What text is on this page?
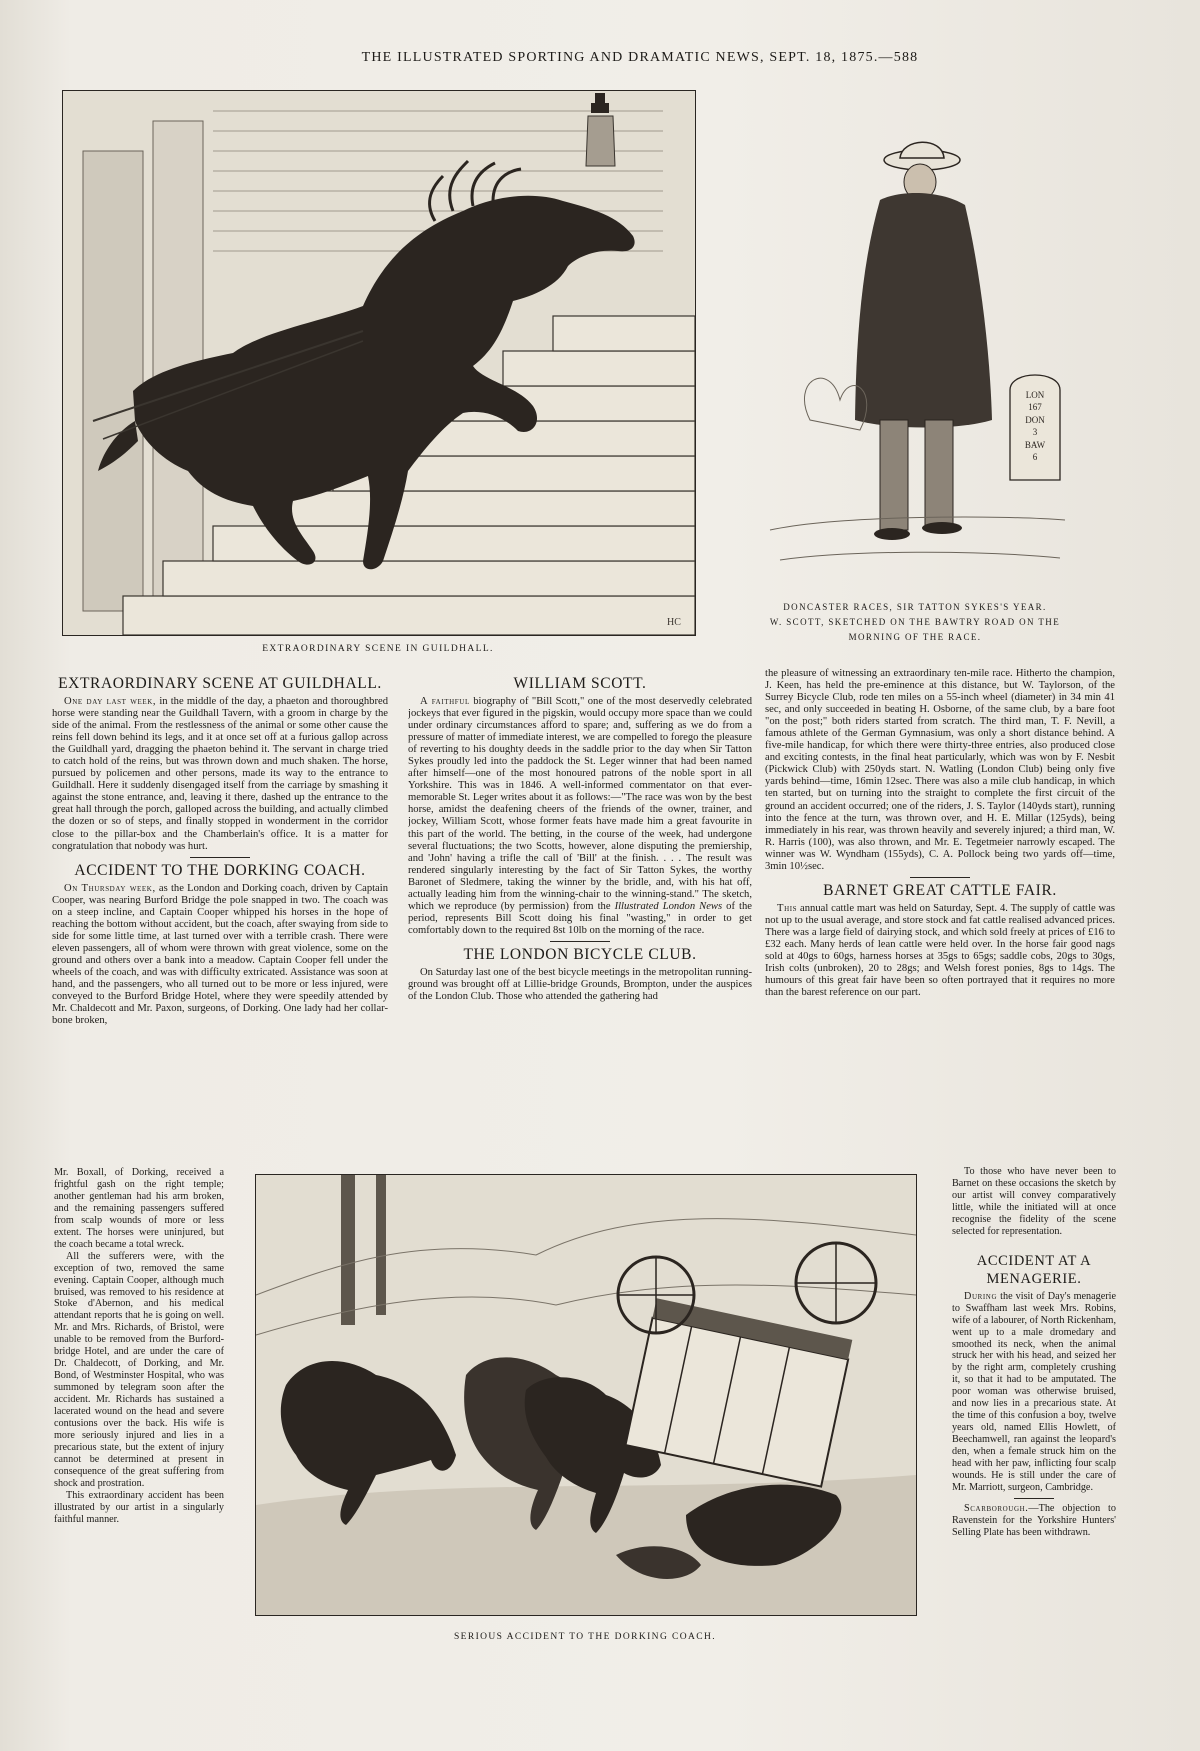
THE ILLUSTRATED SPORTING AND DRAMATIC NEWS, SEPT. 18, 1875.—588
HC
EXTRAORDINARY SCENE IN GUILDHALL.
LON
167
DON
3
BAW
6
DONCASTER RACES, SIR TATTON SYKES'S YEAR.
W. SCOTT, SKETCHED ON THE BAWTRY ROAD ON THE
MORNING OF THE RACE.
EXTRAORDINARY SCENE AT GUILDHALL.

One day last week, in the middle of the day, a phaeton and thoroughbred horse were standing near the Guildhall Tavern, with a groom in charge by the side of the animal. From the restlessness of the animal or some other cause the reins fell down behind its legs, and it at once set off at a furious gallop across the Guildhall yard, dragging the phaeton behind it. The servant in charge tried to catch hold of the reins, but was thrown down and much shaken. The horse, pursued by policemen and other persons, made its way to the entrance to Guildhall. Here it suddenly disengaged itself from the carriage by smashing it against the stone entrance, and, leaving it there, dashed up the entrance to the great hall through the porch, galloped across the building, and actually climbed the dozen or so of steps, and finally stopped in wonderment in the corridor close to the pillar-box and the Chamberlain's office. It is a matter for congratulation that nobody was hurt.

ACCIDENT TO THE DORKING COACH.

On Thursday week, as the London and Dorking coach, driven by Captain Cooper, was nearing Burford Bridge the pole snapped in two. The coach was on a steep incline, and Captain Cooper whipped his horses in the hope of reaching the bottom without accident, but the coach, after swaying from side to side for some little time, at last turned over with a terrible crash. There were eleven passengers, all of whom were thrown with great violence, some on the ground and others over a bank into a meadow. Captain Cooper fell under the wheels of the coach, and was with difficulty extricated. Assistance was soon at hand, and the passengers, who all turned out to be more or less injured, were conveyed to the Burford Bridge Hotel, where they were speedily attended by Mr. Chaldecott and Mr. Paxon, surgeons, of Dorking. One lady had her collar-bone broken,

Mr. Boxall, of Dorking, received a frightful gash on the right temple; another gentleman had his arm broken, and the remaining passengers suffered from scalp wounds of more or less extent. The horses were uninjured, but the coach became a total wreck.

All the sufferers were, with the exception of two, removed the same evening. Captain Cooper, although much bruised, was removed to his residence at Stoke d'Abernon, and his medical attendant reports that he is going on well. Mr. and Mrs. Richards, of Bristol, were unable to be removed from the Burford-bridge Hotel, and are under the care of Dr. Chaldecott, of Dorking, and Mr. Bond, of Westminster Hospital, who was summoned by telegram soon after the accident. Mr. Richards has sustained a lacerated wound on the head and severe contusions over the back. His wife is more seriously injured and lies in a precarious state, but the extent of injury cannot be determined at present in consequence of the great suffering from shock and prostration.

This extraordinary accident has been illustrated by our artist in a singularly faithful manner.

WILLIAM SCOTT.

A faithful biography of "Bill Scott," one of the most deservedly celebrated jockeys that ever figured in the pigskin, would occupy more space than we could under ordinary circumstances afford to spare; and, suffering as we do from a pressure of matter of immediate interest, we are compelled to forego the pleasure of reverting to his doughty deeds in the saddle prior to the day when Sir Tatton Sykes proudly led into the paddock the St. Leger winner that had been named after himself—one of the most honoured patrons of the noble sport in all Yorkshire. This was in 1846. A well-informed commentator on that ever-memorable St. Leger writes about it as follows:—"The race was won by the best horse, amidst the deafening cheers of the friends of the owner, trainer, and jockey, William Scott, whose former feats have made him a great favourite in this part of the world. The betting, in the course of the week, had undergone several fluctuations; the two Scotts, however, alone disputing the premiership, and 'John' having a trifle the call of 'Bill' at the finish. . . . The result was rendered singularly interesting by the fact of Sir Tatton Sykes, the worthy Baronet of Sledmere, taking the winner by the bridle, and, with his hat off, actually leading him from the winning-chair to the winning-stand." The sketch, which we reproduce (by permission) from the Illustrated London News of the period, represents Bill Scott doing his final "wasting," in order to get comfortably down to the required 8st 10lb on the morning of the race.

THE LONDON BICYCLE CLUB.

On Saturday last one of the best bicycle meetings in the metropolitan running-ground was brought off at Lillie-bridge Grounds, Brompton, under the auspices of the London Club. Those who attended the gathering had

the pleasure of witnessing an extraordinary ten-mile race. Hitherto the champion, J. Keen, has held the pre-eminence at this distance, but W. Taylorson, of the Surrey Bicycle Club, rode ten miles on a 55-inch wheel (diameter) in 34 min 41 sec, and only succeeded in beating H. Osborne, of the same club, by a bare foot "on the post;" both riders started from scratch. The third man, T. F. Nevill, a famous athlete of the German Gymnasium, was only a short distance behind. A five-mile handicap, for which there were thirty-three entries, also produced close and exciting contests, in the final heat particularly, which was won by F. Nesbit (Pickwick Club) with 250yds start. N. Watling (London Club) being only five yards behind—time, 16min 12sec. There was also a mile club handicap, in which ten started, but on turning into the straight to complete the first circuit of the ground an accident occurred; one of the riders, J. S. Taylor (140yds start), running into the fence at the turn, was thrown over, and H. E. Millar (125yds), being immediately in his rear, was thrown heavily and severely injured; a third man, W. R. Harris (100), was also thrown, and Mr. E. Tegetmeier narrowly escaped. The winner was W. Wyndham (155yds), C. A. Pollock being two yards off—time, 3min 10½sec.

BARNET GREAT CATTLE FAIR.

This annual cattle mart was held on Saturday, Sept. 4. The supply of cattle was not up to the usual average, and store stock and fat cattle realised advanced prices. There was a large field of dairying stock, and which sold freely at prices of £16 to £32 each. Many herds of lean cattle were held over. In the horse fair good nags sold at 40gs to 60gs, harness horses at 35gs to 65gs; saddle cobs, 20gs to 30gs, Irish colts (unbroken), 20 to 28gs; and Welsh forest ponies, 8gs to 14gs. The humours of this great fair have been so often portrayed that it requires no more than the barest reference on our part.

To those who have never been to Barnet on these occasions the sketch by our artist will convey comparatively little, while the initiated will at once recognise the fidelity of the scene selected for representation.

ACCIDENT AT A
MENAGERIE.

During the visit of Day's menagerie to Swaffham last week Mrs. Robins, wife of a labourer, of North Rickenham, went up to a male dromedary and smoothed its neck, when the animal struck her with his head, and seized her by the right arm, completely crushing it, so that it had to be amputated. The poor woman was otherwise bruised, and now lies in a precarious state. At the time of this confusion a boy, twelve years old, named Ellis Howlett, of Beechamwell, ran against the leopard's den, when a female struck him on the head with her paw, inflicting four scalp wounds. He is still under the care of Mr. Marriott, surgeon, Cambridge.

Scarborough.—The objection to Ravenstein for the Yorkshire Hunters' Selling Plate has been withdrawn.

SERIOUS ACCIDENT TO THE DORKING COACH.
